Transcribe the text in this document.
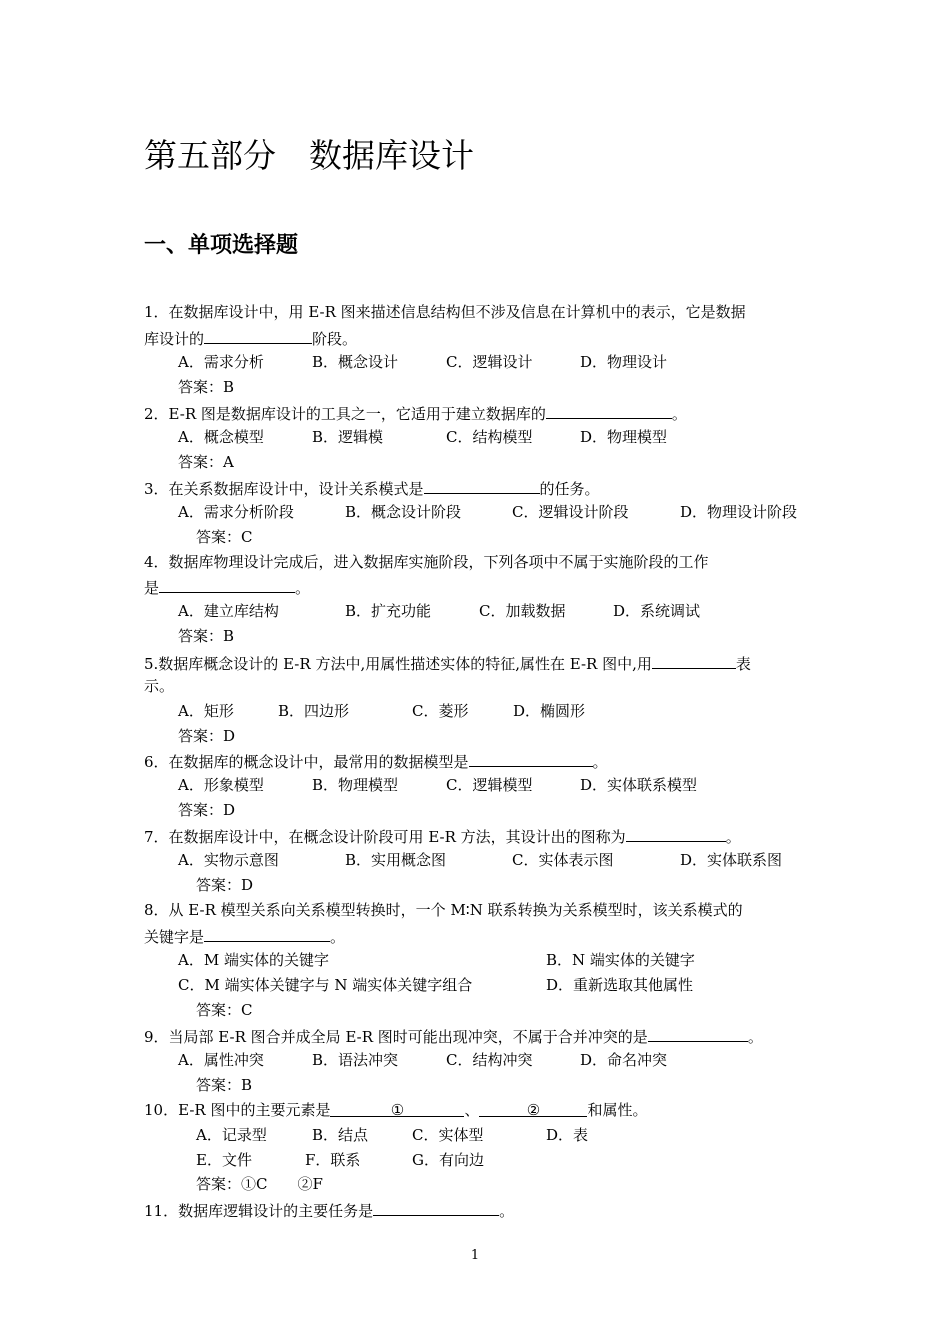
第五部分　数据库设计
一、单项选择题
1．在数据库设计中，用 E-R 图来描述信息结构但不涉及信息在计算机中的表示，它是数据
库设计的	阶段。
A．需求分析	B．概念设计	C．逻辑设计	D．物理设计
答案：B
2．E-R 图是数据库设计的工具之一，它适用于建立数据库的	。
A．概念模型	B．逻辑模	C．结构模型	D．物理模型
答案：A
3．在关系数据库设计中，设计关系模式是	的任务。
A．需求分析阶段	B．概念设计阶段	C．逻辑设计阶段	D．物理设计阶段
答案：C
4．数据库物理设计完成后，进入数据库实施阶段，下列各项中不属于实施阶段的工作
是	。
A．建立库结构	B．扩充功能	C．加载数据	D．系统调试
答案：B
5.数据库概念设计的 E-R 方法中,用属性描述实体的特征,属性在 E-R 图中,用	表
示。
A．矩形	B．四边形	C．菱形	D．椭圆形
答案：D
6．在数据库的概念设计中，最常用的数据模型是	。
A．形象模型	B．物理模型	C．逻辑模型	D．实体联系模型
答案：D
7．在数据库设计中，在概念设计阶段可用 E-R 方法，其设计出的图称为	。
A．实物示意图	B．实用概念图	C．实体表示图	D．实体联系图
答案：D
8．从 E-R 模型关系向关系模型转换时，一个 M∶N 联系转换为关系模型时，该关系模式的
关键字是	。
A．M 端实体的关键字	B．N 端实体的关键字
C．M 端实体关键字与 N 端实体关键字组合	D．重新选取其他属性
答案：C
9．当局部 E-R 图合并成全局 E-R 图时可能出现冲突，不属于合并冲突的是	。
A．属性冲突	B．语法冲突	C．结构冲突	D．命名冲突
答案：B
10．E-R 图中的主要元素是	①	、	②	和属性。
A．记录型	B．结点	C．实体型	D．表
E．文件	F．联系	G．有向边
答案：①C　　②F
11．数据库逻辑设计的主要任务是	。
1
